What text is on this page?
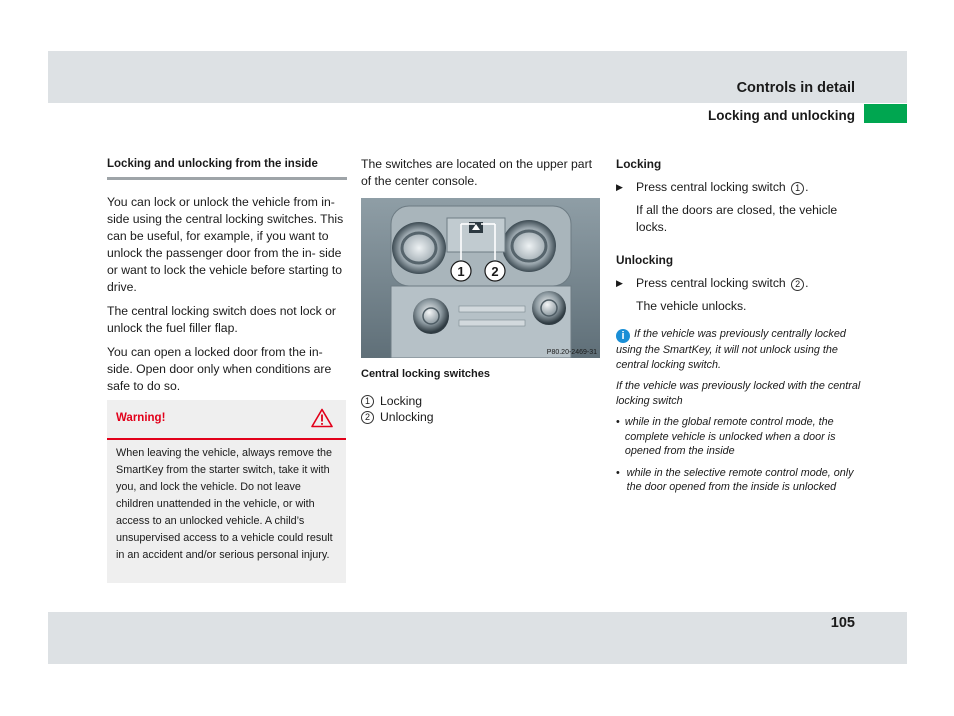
Controls in detail
Locking and unlocking
Locking and unlocking from the inside

You can lock or unlock the vehicle from in- side using the central locking switches. This can be useful, for example, if you want to unlock the passenger door from the in- side or want to lock the vehicle before starting to drive.

The central locking switch does not lock or unlock the fuel filler flap.

You can open a locked door from the in- side. Open door only when conditions are safe to do so.

Warning!
When leaving the vehicle, always remove the SmartKey from the starter switch, take it with you, and lock the vehicle. Do not leave children unattended in the vehicle, or with access to an unlocked vehicle. A child’s unsupervised access to a vehicle could result in an accident and/or serious personal injury.

The switches are located on the upper part of the center console.

1 2
P80.20-2469-31
Central locking switches
1 Locking
2 Unlocking
Locking
▶	Press central locking switch 1 .
If all the doors are closed, the vehicle locks.
Unlocking
▶	Press central locking switch 2 .
The vehicle unlocks.

i If the vehicle was previously centrally locked using the SmartKey, it will not unlock using the central locking switch.

If the vehicle was previously locked with the central locking switch

• while in the global remote control mode, the complete vehicle is unlocked when a door is opened from the inside
• while in the selective remote control mode, only the door opened from the inside is unlocked
105
